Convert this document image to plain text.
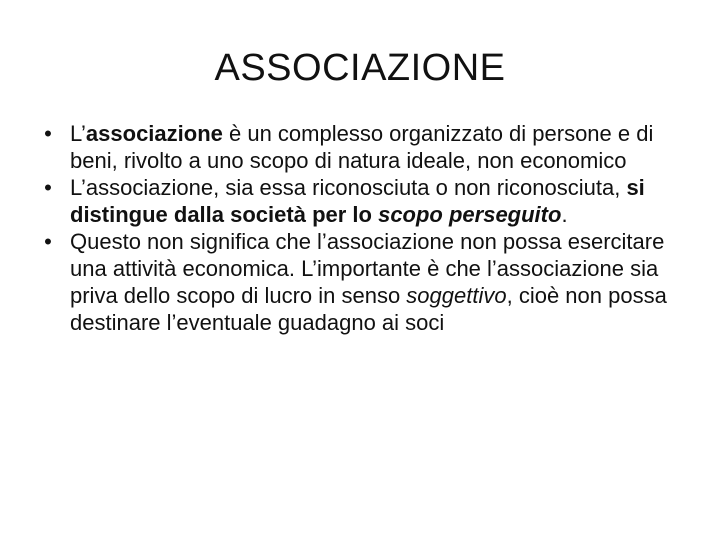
ASSOCIAZIONE
• L’associazione è un complesso organizzato di persone e di beni, rivolto a uno scopo di natura ideale, non economico
• L’associazione, sia essa riconosciuta o non riconosciuta, si distingue dalla società per lo scopo perseguito.
• Questo non significa che l’associazione non possa esercitare una attività economica. L’importante è che l’associazione sia priva dello scopo di lucro in senso soggettivo, cioè non possa destinare l’eventuale guadagno ai soci
